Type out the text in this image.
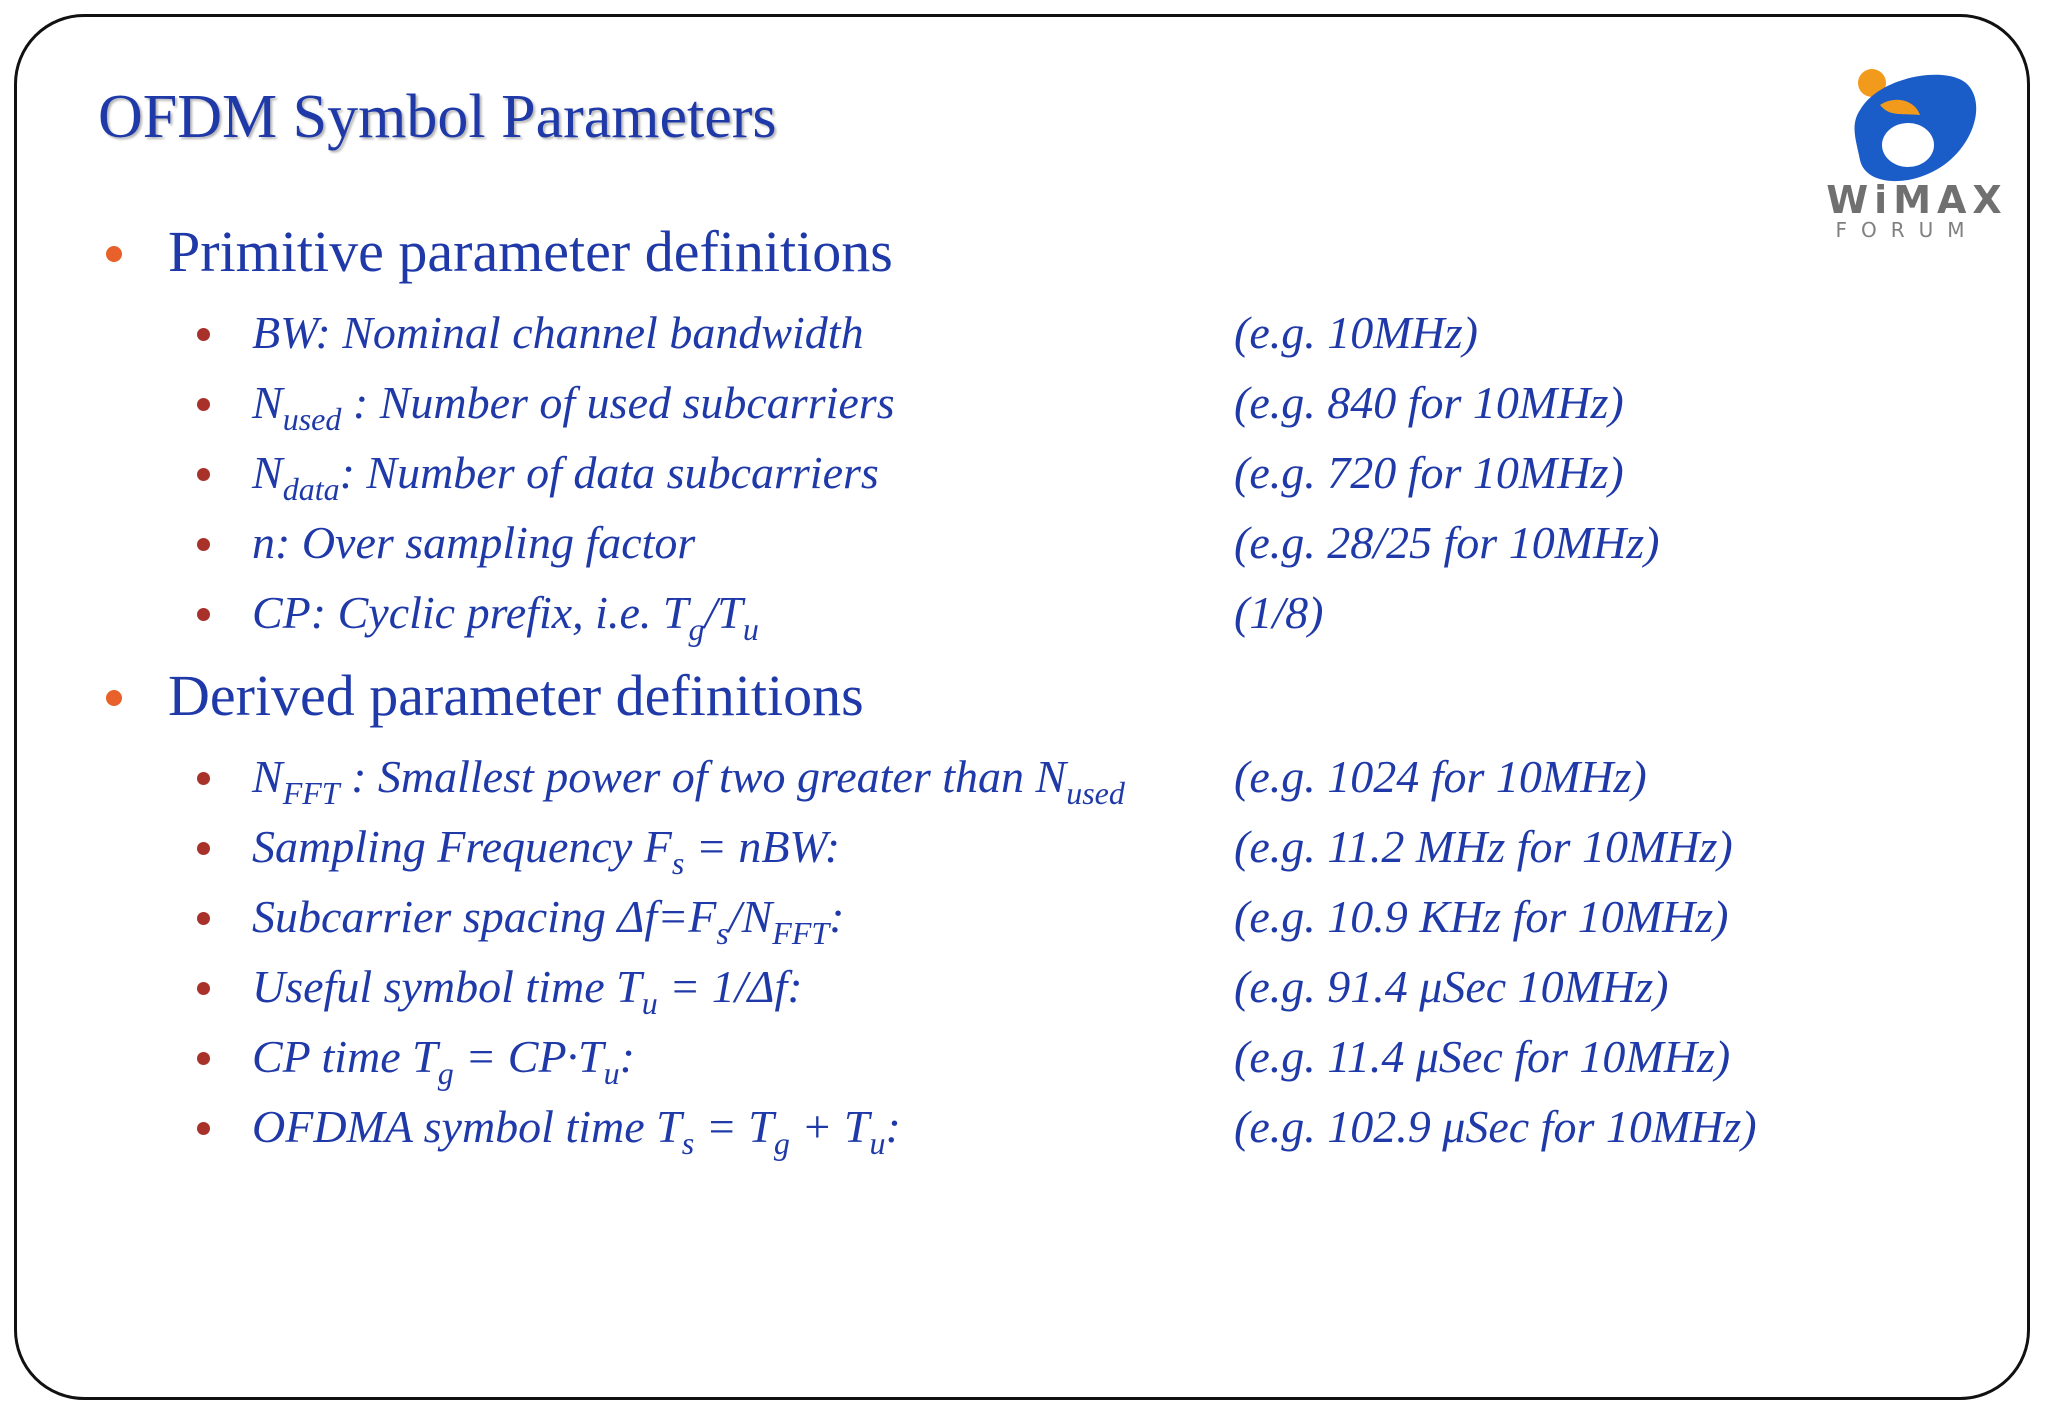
OFDM Symbol Parameters
WiMAX
FORUM
Primitive parameter definitions
BW: Nominal channel bandwidth	(e.g. 10MHz)
$N_{used}$ : Number of used subcarriers	(e.g. 840 for 10MHz)
$N_{data}$: Number of data subcarriers	(e.g. 720 for 10MHz)
n: Over sampling factor	(e.g. 28/25 for 10MHz)
CP: Cyclic prefix, i.e. $T_g/T_u$	(1/8)
Derived parameter definitions
$N_{FFT}$ : Smallest power of two greater than $N_{used}$ (e.g. 1024 for 10MHz)
Sampling Frequency $F_s$ = nBW:	(e.g. 11.2 MHz for 10MHz)
Subcarrier spacing $\Delta f=F_s/N_{FFT}$:	(e.g. 10.9 KHz for 10MHz)
Useful symbol time $T_u = 1/\Delta f$:	(e.g. 91.4 μSec 10MHz)
CP time $T_g = CP\cdot T_u$:	(e.g. 11.4 μSec for 10MHz)
OFDMA symbol time $T_s = T_g + T_u$:	(e.g. 102.9 μSec for 10MHz)
